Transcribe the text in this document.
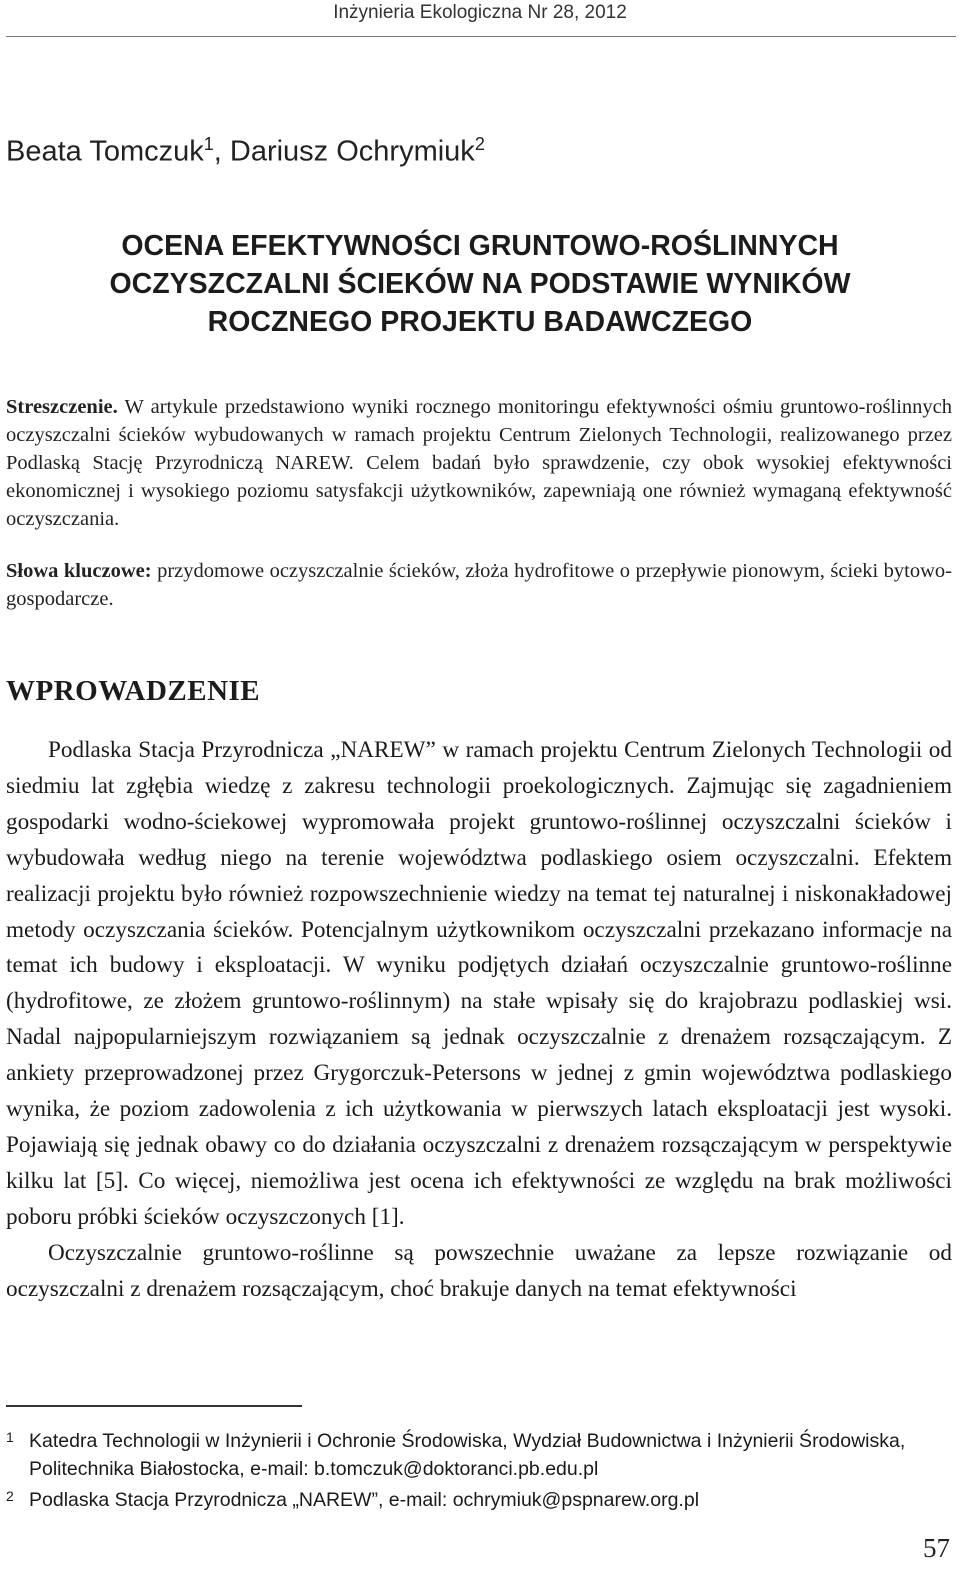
Inżynieria Ekologiczna Nr 28, 2012
Beata Tomczuk$^1$, Dariusz Ochrymiuk$^2$
OCENA EFEKTYWNOŚCI GRUNTOWO-ROŚLINNYCH
OCZYSZCZALNI ŚCIEKÓW NA PODSTAWIE WYNIKÓW
ROCZNEGO PROJEKTU BADAWCZEGO
Streszczenie. W artykule przedstawiono wyniki rocznego monitoringu efektywności ośmiu gruntowo-roślinnych oczyszczalni ścieków wybudowanych w ramach projektu Centrum Zielonych Technologii, realizowanego przez Podlaską Stację Przyrodniczą NAREW. Celem badań było sprawdzenie, czy obok wysokiej efektywności ekonomicznej i wysokiego poziomu satysfakcji użytkowników, zapewniają one również wymaganą efektywność oczyszczania.
Słowa kluczowe: przydomowe oczyszczalnie ścieków, złoża hydrofitowe o przepływie pionowym, ścieki bytowo-gospodarcze.
WPROWADZENIE

Podlaska Stacja Przyrodnicza „NAREW” w ramach projektu Centrum Zielonych Technologii od siedmiu lat zgłębia wiedzę z zakresu technologii proekologicznych. Zajmując się zagadnieniem gospodarki wodno-ściekowej wypromowała projekt gruntowo-roślinnej oczyszczalni ścieków i wybudowała według niego na terenie województwa podlaskiego osiem oczyszczalni. Efektem realizacji projektu było również rozpowszechnienie wiedzy na temat tej naturalnej i niskonakładowej metody oczyszczania ścieków. Potencjalnym użytkownikom oczyszczalni przekazano informacje na temat ich budowy i eksploatacji. W wyniku podjętych działań oczyszczalnie gruntowo-roślinne (hydrofitowe, ze złożem gruntowo-roślinnym) na stałe wpisały się do krajobrazu podlaskiej wsi. Nadal najpopularniejszym rozwiązaniem są jednak oczyszczalnie z drenażem rozsączającym. Z ankiety przeprowadzonej przez Grygorczuk-Petersons w jednej z gmin województwa podlaskiego wynika, że poziom zadowolenia z ich użytkowania w pierwszych latach eksploatacji jest wysoki. Pojawiają się jednak obawy co do działania oczyszczalni z drenażem rozsączającym w perspektywie kilku lat [5]. Co więcej, niemożliwa jest ocena ich efektywności ze względu na brak możliwości poboru próbki ścieków oczyszczonych [1].

Oczyszczalnie gruntowo-roślinne są powszechnie uważane za lepsze rozwiązanie od oczyszczalni z drenażem rozsączającym, choć brakuje danych na temat efektywności

1 Katedra Technologii w Inżynierii i Ochronie Środowiska, Wydział Budownictwa i Inżynierii Środowiska, Politechnika Białostocka, e-mail: b.tomczuk@doktoranci.pb.edu.pl
2 Podlaska Stacja Przyrodnicza „NAREW”, e-mail: ochrymiuk@pspnarew.org.pl
57
